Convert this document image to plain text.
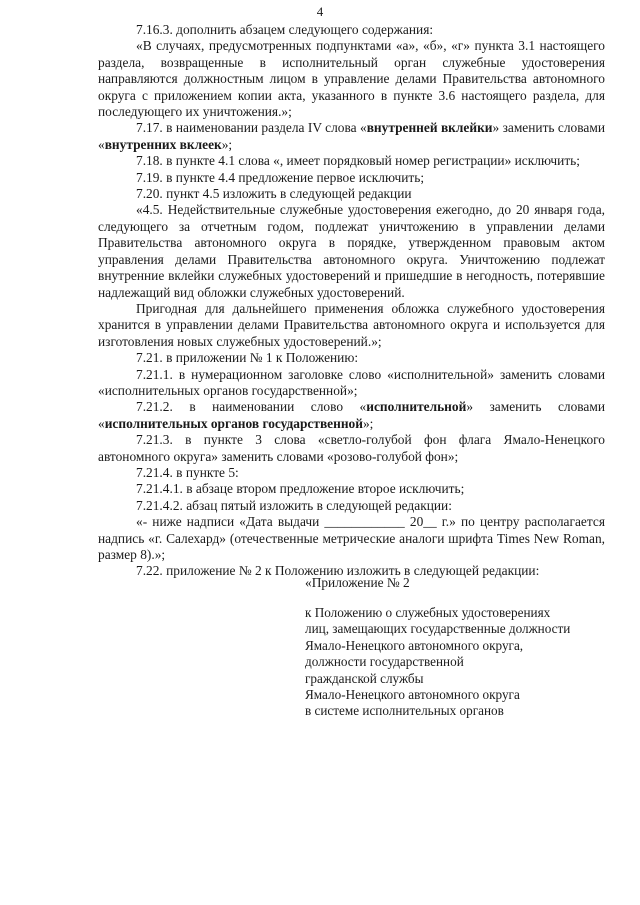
4

7.16.3. дополнить абзацем следующего содержания:

«В случаях, предусмотренных подпунктами «а», «б», «г» пункта 3.1 настоящего раздела, возвращенные в исполнительный орган служебные удостоверения направляются должностным лицом в управление делами Правительства автономного округа с приложением копии акта, указанного в пункте 3.6 настоящего раздела, для последующего их уничтожения.»;

7.17. в наименовании раздела IV слова «внутренней вклейки» заменить словами «внутренних вклеек»;

7.18. в пункте 4.1 слова «, имеет порядковый номер регистрации» исключить;

7.19. в пункте 4.4 предложение первое исключить;

7.20. пункт 4.5 изложить в следующей редакции

«4.5. Недействительные служебные удостоверения ежегодно, до 20 января года, следующего за отчетным годом, подлежат уничтожению в управлении делами Правительства автономного округа в порядке, утвержденном правовым актом управления делами Правительства автономного округа. Уничтожению подлежат внутренние вклейки служебных удостоверений и пришедшие в негодность, потерявшие надлежащий вид обложки служебных удостоверений.

Пригодная для дальнейшего применения обложка служебного удостоверения хранится в управлении делами Правительства автономного округа и используется для изготовления новых служебных удостоверений.»;

7.21. в приложении № 1 к Положению:

7.21.1. в нумерационном заголовке слово «исполнительной» заменить словами «исполнительных органов государственной»;

7.21.2. в наименовании слово «исполнительной» заменить словами «исполнительных органов государственной»;

7.21.3. в пункте 3 слова «светло-голубой фон флага Ямало-Ненецкого автономного округа» заменить словами «розово-голубой фон»;

7.21.4. в пункте 5:

7.21.4.1. в абзаце втором предложение второе исключить;

7.21.4.2. абзац пятый изложить в следующей редакции:

«- ниже надписи «Дата выдачи ____________ 20__ г.» по центру располагается надпись «г. Салехард» (отечественные метрические аналоги шрифта Times New Roman, размер 8).»;

7.22. приложение № 2 к Положению изложить в следующей редакции:

«Приложение № 2
к Положению о служебных удостоверениях
лиц, замещающих государственные должности
Ямало-Ненецкого автономного округа,
должности государственной
гражданской службы
Ямало-Ненецкого автономного округа
в системе исполнительных органов
